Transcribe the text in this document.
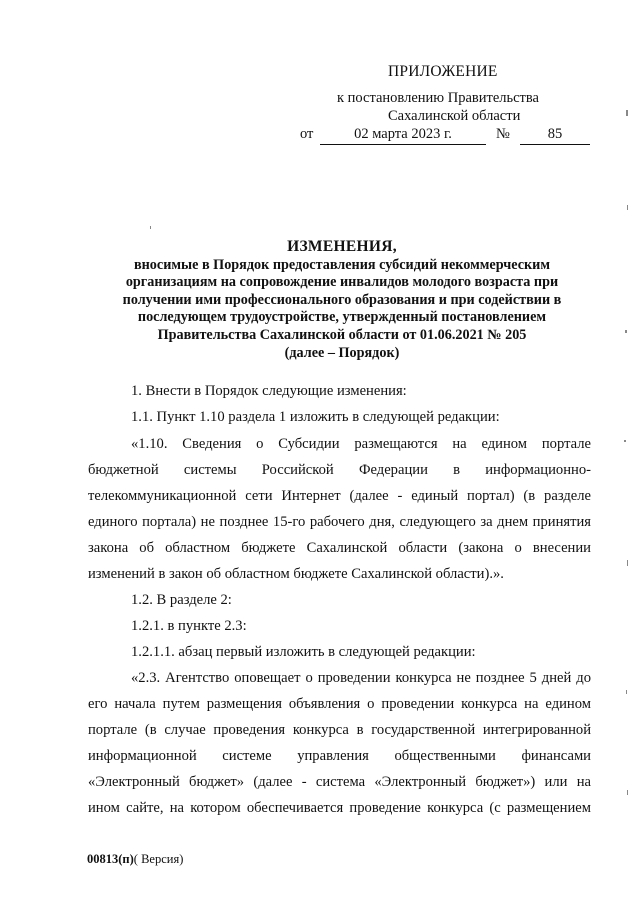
ПРИЛОЖЕНИЕ
к постановлению Правительства
Сахалинской области
от	02 марта 2023 г.	№	85
ИЗМЕНЕНИЯ,
вносимые в Порядок предоставления субсидий некоммерческим
организациям на сопровождение инвалидов молодого возраста при
получении ими профессионального образования и при содействии в
последующем трудоустройстве, утвержденный постановлением
Правительства Сахалинской области от 01.06.2021 № 205
(далее – Порядок)
1. Внести в Порядок следующие изменения:
1.1. Пункт 1.10 раздела 1 изложить в следующей редакции:
«1.10. Сведения о Субсидии размещаются на едином портале
бюджетной системы Российской Федерации в информационно-
телекоммуникационной сети Интернет (далее - единый портал) (в разделе
единого портала) не позднее 15-го рабочего дня, следующего за днем принятия
закона об областном бюджете Сахалинской области (закона о внесении
изменений в закон об областном бюджете Сахалинской области).».
1.2. В разделе 2:
1.2.1. в пункте 2.3:
1.2.1.1. абзац первый изложить в следующей редакции:
«2.3. Агентство оповещает о проведении конкурса не позднее 5 дней до
его начала путем размещения объявления о проведении конкурса на едином
портале (в случае проведения конкурса в государственной интегрированной
информационной системе управления общественными финансами
«Электронный бюджет» (далее - система «Электронный бюджет») или на
ином сайте, на котором обеспечивается проведение конкурса (с размещением
00813(п)( Версия)
